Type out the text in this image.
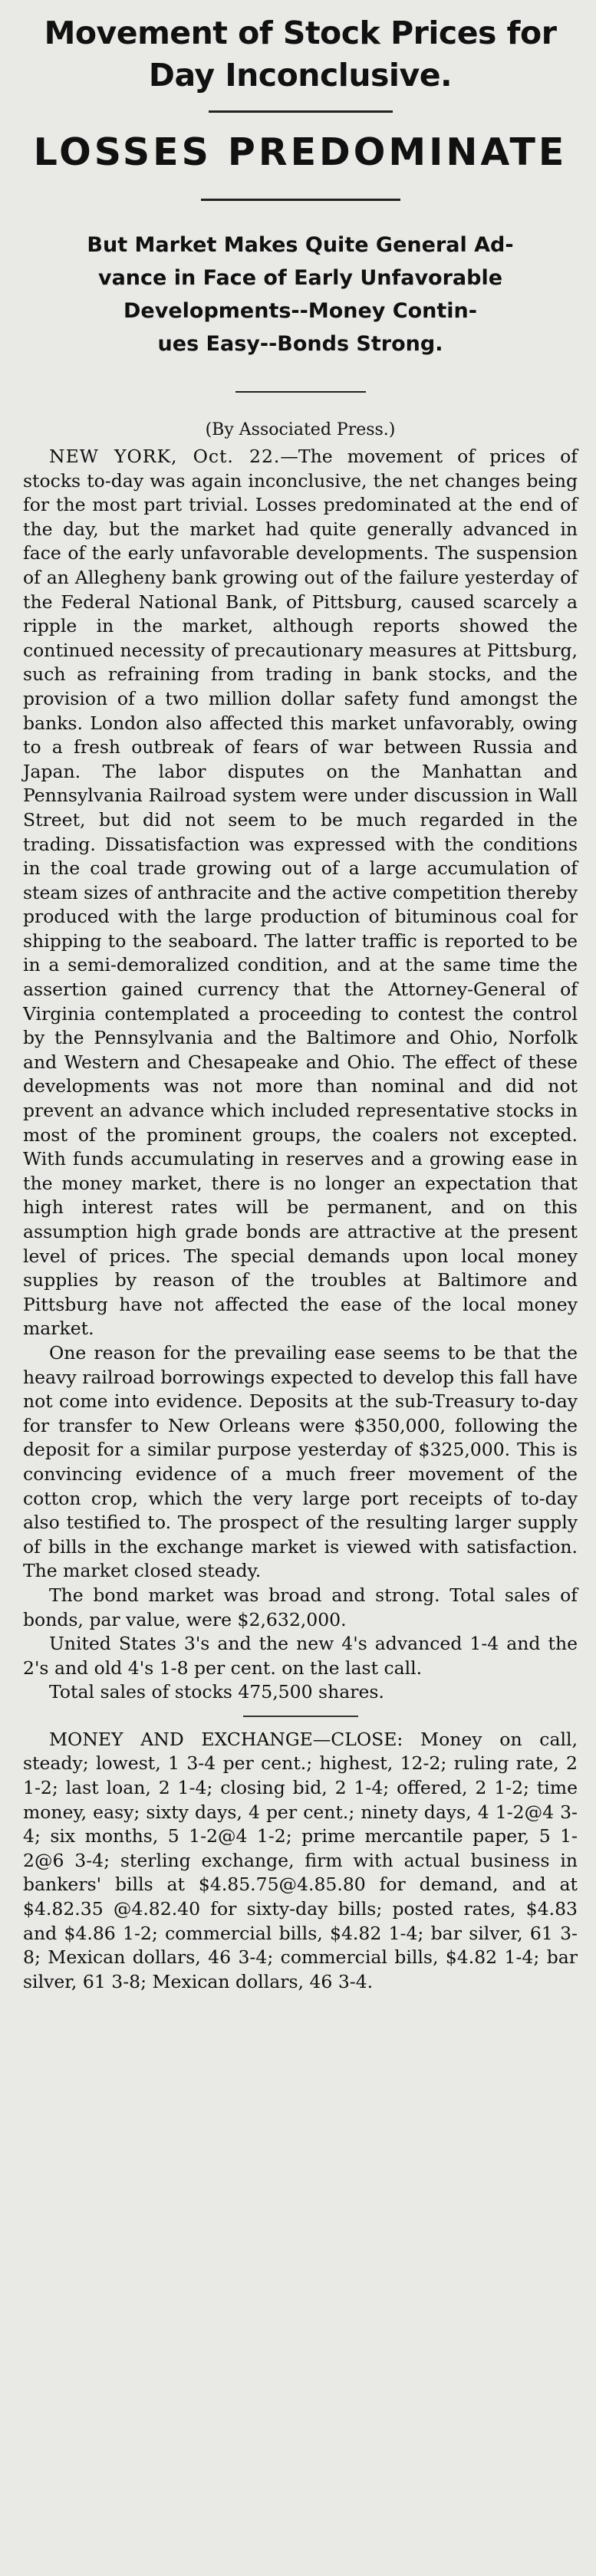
Movement of Stock Prices for
Day Inconclusive.
LOSSES PREDOMINATE
But Market Makes Quite General Ad-
vance in Face of Early Unfavorable
Developments--Money Contin-
ues Easy--Bonds Strong.
(By Associated Press.)

NEW YORK, Oct. 22.—The movement of prices of stocks to-day was again inconclusive, the net changes being for the most part trivial. Losses predominated at the end of the day, but the market had quite generally advanced in face of the early unfavorable developments. The suspension of an Allegheny bank growing out of the failure yesterday of the Federal National Bank, of Pittsburg, caused scarcely a ripple in the market, although reports showed the continued necessity of precautionary measures at Pittsburg, such as refraining from trading in bank stocks, and the provision of a two million dollar safety fund amongst the banks. London also affected this market unfavorably, owing to a fresh outbreak of fears of war between Russia and Japan. The labor disputes on the Manhattan and Pennsylvania Railroad system were under discussion in Wall Street, but did not seem to be much regarded in the trading. Dissatisfaction was expressed with the conditions in the coal trade growing out of a large accumulation of steam sizes of anthracite and the active competition thereby produced with the large production of bituminous coal for shipping to the seaboard. The latter traffic is reported to be in a semi-demoralized condition, and at the same time the assertion gained currency that the Attorney-General of Virginia contemplated a proceeding to contest the control by the Pennsylvania and the Baltimore and Ohio, Norfolk and Western and Chesapeake and Ohio. The effect of these developments was not more than nominal and did not prevent an advance which included representative stocks in most of the prominent groups, the coalers not excepted. With funds accumulating in reserves and a growing ease in the money market, there is no longer an expectation that high interest rates will be permanent, and on this assumption high grade bonds are attractive at the present level of prices. The special demands upon local money supplies by reason of the troubles at Baltimore and Pittsburg have not affected the ease of the local money market.

One reason for the prevailing ease seems to be that the heavy railroad borrowings expected to develop this fall have not come into evidence. Deposits at the sub-Treasury to-day for transfer to New Orleans were $350,000, following the deposit for a similar purpose yesterday of $325,000. This is convincing evidence of a much freer movement of the cotton crop, which the very large port receipts of to-day also testified to. The prospect of the resulting larger supply of bills in the exchange market is viewed with satisfaction. The market closed steady.

The bond market was broad and strong. Total sales of bonds, par value, were $2,632,000.

United States 3's and the new 4's advanced 1-4 and the 2's and old 4's 1-8 per cent. on the last call.

Total sales of stocks 475,500 shares.

MONEY AND EXCHANGE—CLOSE: Money on call, steady; lowest, 1 3-4 per cent.; highest, 12-2; ruling rate, 2 1-2; last loan, 2 1-4; closing bid, 2 1-4; offered, 2 1-2; time money, easy; sixty days, 4 per cent.; ninety days, 4 1-2@4 3-4; six months, 5 1-2@4 1-2; prime mercantile paper, 5 1-2@6 3-4; sterling exchange, firm with actual business in bankers' bills at $4.85.75@4.85.80 for demand, and at $4.82.35 @4.82.40 for sixty-day bills; posted rates, $4.83 and $4.86 1-2; commercial bills, $4.82 1-4; bar silver, 61 3-8; Mexican dollars, 46 3-4; commercial bills, $4.82 1-4; bar silver, 61 3-8; Mexican dollars, 46 3-4.
